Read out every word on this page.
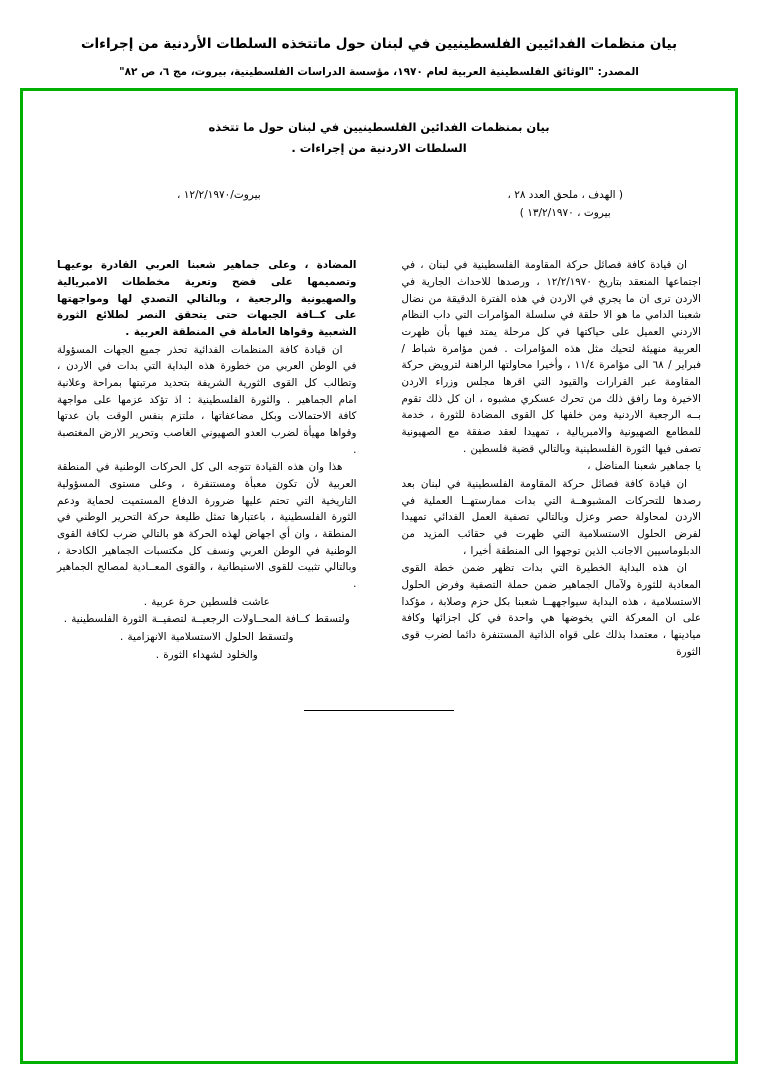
بيان منظمات الفدائيين الفلسطينيين في لبنان حول ماتتخذه السلطات الأردنية من إجراءات
المصدر: "الوثائق الفلسطينية العربية لعام ١٩٧٠، مؤسسة الدراسات الفلسطينية، بيروت، مج ٦، ص ٨٢"
بيان بمنظمات الفدائين الفلسطينيين في لبنان حول ما تتخذه
السلطات الاردنية من إجراءات .
بيروت/١٢/٢/١٩٧٠ ،	( الهدف ، ملحق العدد ٢٨ ،
بيروت ، ١٣/٢/١٩٧٠ )

ان قيادة كافة فصائل حركة المقاومة الفلسطينية في لبنان ، في اجتماعها المنعقد بتاريخ ١٢/٢/١٩٧٠ ، ورصدها للاحداث الجارية في الاردن ترى ان ما يجري في الاردن في هذه الفترة الدقيقة من نضال شعبنا الدامي ما هو الا حلقة في سلسلة المؤامرات التي داب النظام الاردني العميل على حياكتها في كل مرحلة يمتد فيها بأن ظهرت العربية منهيئة لتحيك مثل هذه المؤامرات . فمن مؤامرة شباط / فبراير / ٦٨ الى مؤامرة ١١/٤ ، وأخيرا محاولتها الراهنة لترويض حركة المقاومة عبر القرارات والقيود التي اقرها مجلس وزراء الاردن الاخيرة وما رافق ذلك من تحرك عسكري مشبوه ، ان كل ذلك تقوم بــه الرجعية الاردنية ومن خلفها كل القوى المضادة للثورة ، خدمة للمطامع الصهيونية والامبريالية ، تمهيدا لعقد صفقة مع الصهيونية تصفى فيها الثورة الفلسطينية وبالتالي قضية فلسطين .

يا جماهير شعبنا المناضل ،

ان قيادة كافة فصائل حركة المقاومة الفلسطينية في لبنان بعد رصدها للتحركات المشبوهــة التي بدات ممارستهــا العملية في الاردن لمحاولة حصر وعزل وبالتالي تصفية العمل الفدائي تمهيدا لفرض الحلول الاستسلامية التي ظهرت في حقائب المزيد من الدبلوماسيين الاجانب الذين توجهوا الى المنطقة أخيرا ،

ان هذه البداية الخطيرة التي بدات تظهر ضمن خطة القوى المعادية للثورة ولآمال الجماهير ضمن حملة التصفية وفرض الحلول الاستسلامية ، هذه البداية سيواجههــا شعبنا بكل حزم وصلابة ، مؤكدا على ان المعركة التي يخوضها هي واحدة في كل اجزائها وكافة ميادينها ، معتمدا بذلك على قواه الذاتية المستنفرة دائما لضرب قوى الثورة

المضادة ، وعلى جماهير شعبنا العربي القادرة بوعيهـا وتصميمها على فضح وتعرية مخططات الامبريالية والصهيونية والرجعية ، وبالتالي التصدي لها ومواجهتها على كــافة الجبهات حتى يتحقق النصر لطلائع الثورة الشعبية وقواها العاملة في المنطقة العربية .

ان قيادة كافة المنظمات الفدائية تحذر جميع الجهات المسؤولة في الوطن العربي من خطورة هذه البداية التي بدات في الاردن ، وتطالب كل القوى الثورية الشريفة بتحديد مرتبتها بمراحة وعلانية امام الجماهير . والثورة الفلسطينية : اذ تؤكد عزمها على مواجهة كافة الاحتمالات وبكل مضاعفاتها ، ملتزم بنفس الوقت بان عدتها وقواها مهيأة لضرب العدو الصهيوني الغاصب وتحرير الارض المغتصبة .

هذا وان هذه القيادة تتوجه الى كل الحركات الوطنية في المنطقة العربية لأن تكون معبأة ومستنفرة ، وعلى مستوى المسؤولية التاريخية التي تحتم عليها ضرورة الدفاع المستميت لحماية ودعم الثورة الفلسطينية ، باعتبارها تمثل طليعة حركة التحرير الوطني في المنطقة ، وان أي اجهاض لهذه الحركة هو بالتالي ضرب لكافة القوى الوطنية في الوطن العربي ونسف كل مكتسبات الجماهير الكادحة ، وبالتالي تثبيت للقوى الاستيطانية ، والقوى المعــادية لمصالح الجماهير .

عاشت فلسطين حرة عربية .

ولتسقط كــافة المحــاولات الرجعيــة لتصفيــة الثورة الفلسطينية .

ولتسقط الحلول الاستسلامية الانهزامية .

والخلود لشهداء الثورة .
